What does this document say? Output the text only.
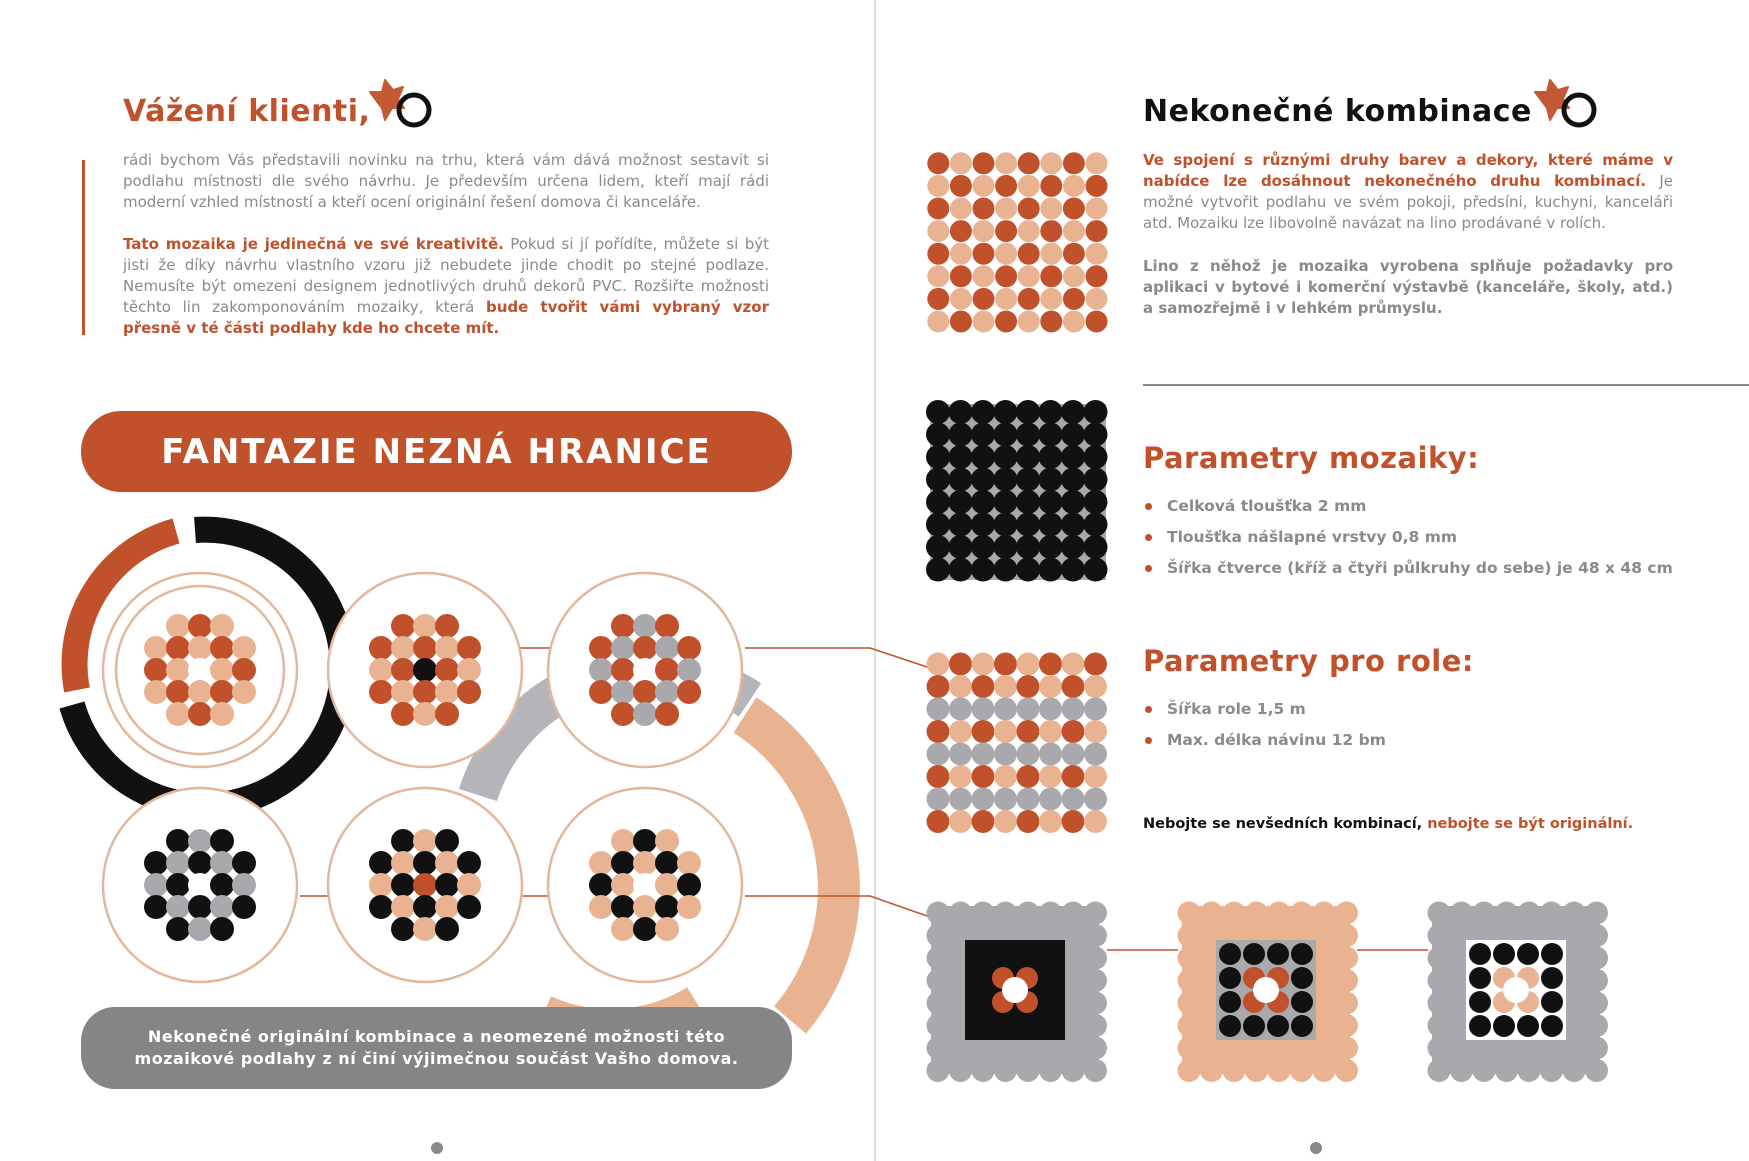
Vážení klienti,
rádi bychom Vás představili novinku na trhu, která vám dává možnost sestavit si podlahu místnosti dle svého návrhu. Je především určena lidem, kteří mají rádi moderní vzhled místností a kteří ocení originální řešení domova či kanceláře.
Tato mozaika je jedinečná ve své kreativitě. Pokud si jí pořídíte, můžete si být jisti že díky návrhu vlastního vzoru již nebudete jinde chodit po stejné podlaze. Nemusíte být omezeni designem jednotlivých druhů dekorů PVC. Rozšiřte možnosti těchto lin zakomponováním mozaiky, která bude tvořit vámi vybraný vzor přesně v té části podlahy kde ho chcete mít.
FANTAZIE NEZNÁ HRANICE
Nekonečné originální kombinace a neomezené možnosti této mozaikové podlahy z ní činí výjimečnou součást Vašho domova.
Nekonečné kombinace
Ve spojení s různými druhy barev a dekory, které máme v nabídce lze dosáhnout nekonečného druhu kombinací. Je možné vytvořit podlahu ve svém pokoji, předsíni, kuchyni, kanceláři atd. Mozaiku lze libovolně navázat na lino prodávané v rolích.
Lino z něhož je mozaika vyrobena splňuje požadavky pro aplikaci v bytové i komerční výstavbě (kanceláře, školy, atd.) a samozřejmě i v lehkém průmyslu.
Parametry mozaiky:
Celková tloušťka 2 mm
Tloušťka nášlapné vrstvy 0,8 mm
Šířka čtverce (kříž a čtyři půlkruhy do sebe) je 48 x 48 cm
Parametry pro role:
Šířka role 1,5 m
Max. délka návinu 12 bm
Nebojte se nevšedních kombinací, nebojte se být originální.
